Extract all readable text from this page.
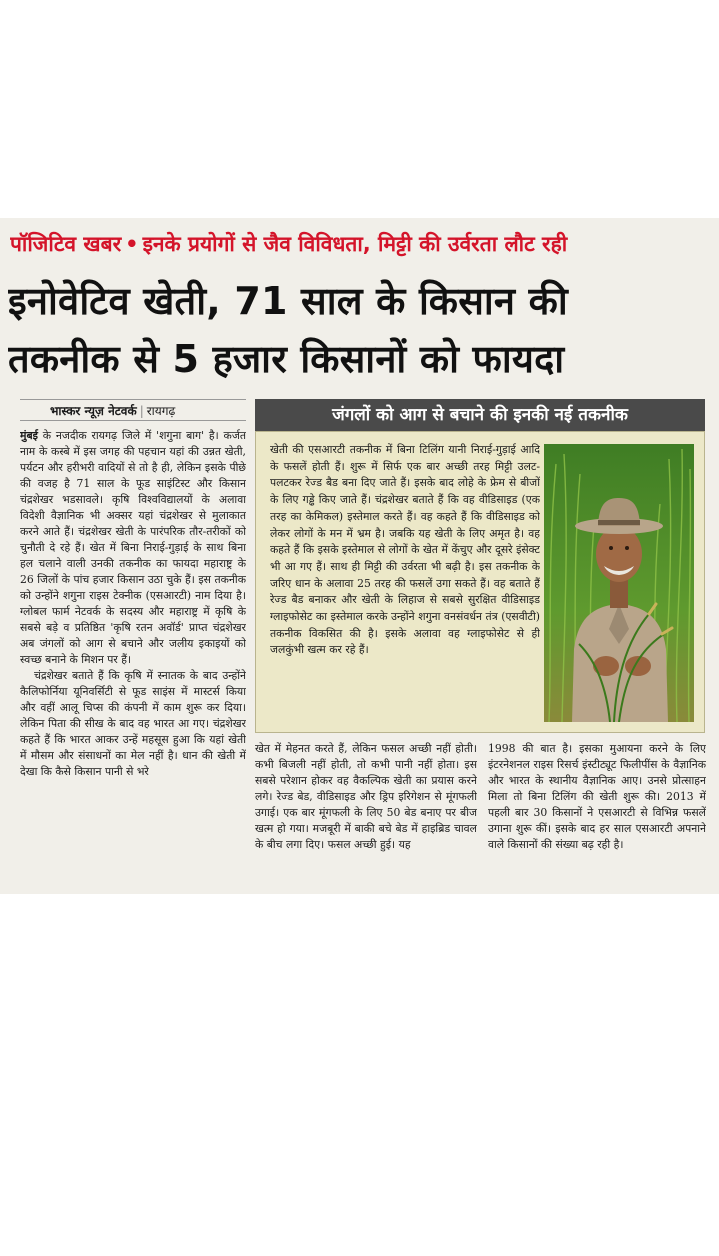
पॉजिटिव खबर • इनके प्रयोगों से जैव विविधता, मिट्टी की उर्वरता लौट रही
इनोवेटिव खेती, 71 साल के किसान की
तकनीक से 5 हजार किसानों को फायदा
भास्कर न्यूज़ नेटवर्क | रायगढ़
मुंबई के नजदीक रायगढ़ जिले में 'शगुना बाग' है। कर्जत नाम के कस्बे में इस जगह की पहचान यहां की उन्नत खेती, पर्यटन और हरीभरी वादियों से तो है ही, लेकिन इसके पीछे की वजह है 71 साल के फूड साइंटिस्ट और किसान चंद्रशेखर भडसावले। कृषि विश्वविद्यालयों के अलावा विदेशी वैज्ञानिक भी अक्सर यहां चंद्रशेखर से मुलाकात करने आते हैं। चंद्रशेखर खेती के पारंपरिक तौर-तरीकों को चुनौती दे रहे हैं। खेत में बिना निराई-गुड़ाई के साथ बिना हल चलाने वाली उनकी तकनीक का फायदा महाराष्ट्र के 26 जिलों के पांच हजार किसान उठा चुके हैं। इस तकनीक को उन्होंने शगुना राइस टेक्नीक (एसआरटी) नाम दिया है। ग्लोबल फार्म नेटवर्क के सदस्य और महाराष्ट्र में कृषि के सबसे बड़े व प्रतिष्ठित 'कृषि रतन अवॉर्ड' प्राप्त चंद्रशेखर अब जंगलों को आग से बचाने और जलीय इकाइयों को स्वच्छ बनाने के मिशन पर हैं।
चंद्रशेखर बताते हैं कि कृषि में स्नातक के बाद उन्होंने कैलिफोर्निया यूनिवर्सिटी से फूड साइंस में मास्टर्स किया और वहीं आलू चिप्स की कंपनी में काम शुरू कर दिया। लेकिन पिता की सीख के बाद वह भारत आ गए। चंद्रशेखर कहते हैं कि भारत आकर उन्हें महसूस हुआ कि यहां खेती में मौसम और संसाधनों का मेल नहीं है। धान की खेती में देखा कि कैसे किसान पानी से भरे
जंगलों को आग से बचाने की इनकी नई तकनीक
खेती की एसआरटी तकनीक में बिना टिलिंग यानी निराई-गुड़ाई आदि के फसलें होती हैं। शुरू में सिर्फ एक बार अच्छी तरह मिट्टी उलट-पलटकर रेज्ड बैड बना दिए जाते हैं। इसके बाद लोहे के फ्रेम से बीजों के लिए गड्ढे किए जाते हैं। चंद्रशेखर बताते हैं कि वह वीडिसाइड (एक तरह का केमिकल) इस्तेमाल करते हैं। वह कहते हैं कि वीडिसाइड को लेकर लोगों के मन में भ्रम है। जबकि यह खेती के लिए अमृत है। वह कहते हैं कि इसके इस्तेमाल से लोगों के खेत में केंचुए और दूसरे इंसेक्ट भी आ गए हैं। साथ ही मिट्टी की उर्वरता भी बढ़ी है। इस तकनीक के जरिए धान के अलावा 25 तरह की फसलें उगा सकते हैं। वह बताते हैं रेज्ड बैड बनाकर और खेती के लिहाज से सबसे सुरक्षित वीडिसाइड ग्लाइफोसेट का इस्तेमाल करके उन्होंने शगुना वनसंवर्धन तंत्र (एसवीटी) तकनीक विकसित की है। इसके अलावा वह ग्लाइफोसेट से ही जलकुंभी खत्म कर रहे हैं।
खेत में मेहनत करते हैं, लेकिन फसल अच्छी नहीं होती। कभी बिजली नहीं होती, तो कभी पानी नहीं होता। इस सबसे परेशान होकर वह वैकल्पिक खेती का प्रयास करने लगे। रेज्ड बेड, वीडिसाइड और ड्रिप इरिगेशन से मूंगफली उगाई। एक बार मूंगफली के लिए 50 बेड बनाए पर बीज खत्म हो गया। मजबूरी में बाकी बचे बेड में हाइब्रिड चावल के बीच लगा दिए। फसल अच्छी हुई। यह
1998 की बात है। इसका मुआयना करने के लिए इंटरनेशनल राइस रिसर्च इंस्टीट्यूट फिलीपींस के वैज्ञानिक और भारत के स्थानीय वैज्ञानिक आए। उनसे प्रोत्साहन मिला तो बिना टिलिंग की खेती शुरू की। 2013 में पहली बार 30 किसानों ने एसआरटी से विभिन्न फसलें उगाना शुरू कीं। इसके बाद हर साल एसआरटी अपनाने वाले किसानों की संख्या बढ़ रही है।
